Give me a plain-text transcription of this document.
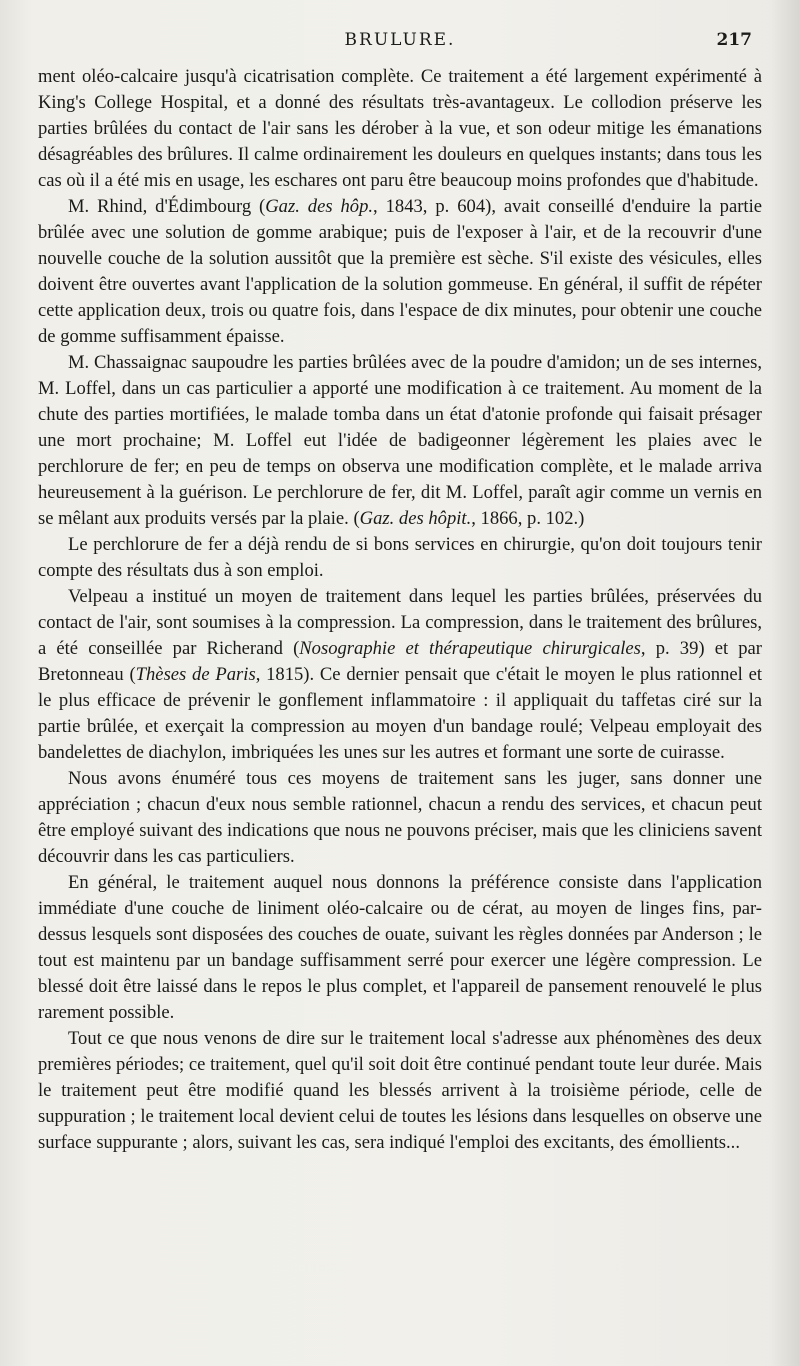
BRULURE.	217

ment oléo-calcaire jusqu'à cicatrisation complète. Ce traitement a été largement expérimenté à King's College Hospital, et a donné des résultats très-avantageux. Le collodion préserve les parties brûlées du contact de l'air sans les dérober à la vue, et son odeur mitige les émanations désagréables des brûlures. Il calme ordinairement les douleurs en quelques instants; dans tous les cas où il a été mis en usage, les eschares ont paru être beaucoup moins profondes que d'habitude.

M. Rhind, d'Édimbourg (Gaz. des hôp., 1843, p. 604), avait conseillé d'enduire la partie brûlée avec une solution de gomme arabique; puis de l'exposer à l'air, et de la recouvrir d'une nouvelle couche de la solution aussitôt que la première est sèche. S'il existe des vésicules, elles doivent être ouvertes avant l'application de la solution gommeuse. En général, il suffit de répéter cette application deux, trois ou quatre fois, dans l'espace de dix minutes, pour obtenir une couche de gomme suffisamment épaisse.

M. Chassaignac saupoudre les parties brûlées avec de la poudre d'amidon; un de ses internes, M. Loffel, dans un cas particulier a apporté une modification à ce traitement. Au moment de la chute des parties mortifiées, le malade tomba dans un état d'atonie profonde qui faisait présager une mort prochaine; M. Loffel eut l'idée de badigeonner légèrement les plaies avec le perchlorure de fer; en peu de temps on observa une modification complète, et le malade arriva heureusement à la guérison. Le perchlorure de fer, dit M. Loffel, paraît agir comme un vernis en se mêlant aux produits versés par la plaie. (Gaz. des hôpit., 1866, p. 102.)

Le perchlorure de fer a déjà rendu de si bons services en chirurgie, qu'on doit toujours tenir compte des résultats dus à son emploi.

Velpeau a institué un moyen de traitement dans lequel les parties brûlées, préservées du contact de l'air, sont soumises à la compression. La compression, dans le traitement des brûlures, a été conseillée par Richerand (Nosographie et thérapeutique chirurgicales, p. 39) et par Bretonneau (Thèses de Paris, 1815). Ce dernier pensait que c'était le moyen le plus rationnel et le plus efficace de prévenir le gonflement inflammatoire : il appliquait du taffetas ciré sur la partie brûlée, et exerçait la compression au moyen d'un bandage roulé; Velpeau employait des bandelettes de diachylon, imbriquées les unes sur les autres et formant une sorte de cuirasse.

Nous avons énuméré tous ces moyens de traitement sans les juger, sans donner une appréciation ; chacun d'eux nous semble rationnel, chacun a rendu des services, et chacun peut être employé suivant des indications que nous ne pouvons préciser, mais que les cliniciens savent découvrir dans les cas particuliers.

En général, le traitement auquel nous donnons la préférence consiste dans l'application immédiate d'une couche de liniment oléo-calcaire ou de cérat, au moyen de linges fins, par-dessus lesquels sont disposées des couches de ouate, suivant les règles données par Anderson ; le tout est maintenu par un bandage suffisamment serré pour exercer une légère compression. Le blessé doit être laissé dans le repos le plus complet, et l'appareil de pansement renouvelé le plus rarement possible.

Tout ce que nous venons de dire sur le traitement local s'adresse aux phénomènes des deux premières périodes; ce traitement, quel qu'il soit doit être continué pendant toute leur durée. Mais le traitement peut être modifié quand les blessés arrivent à la troisième période, celle de suppuration ; le traitement local devient celui de toutes les lésions dans lesquelles on observe une surface suppurante ; alors, suivant les cas, sera indiqué l'emploi des excitants, des émollients...
